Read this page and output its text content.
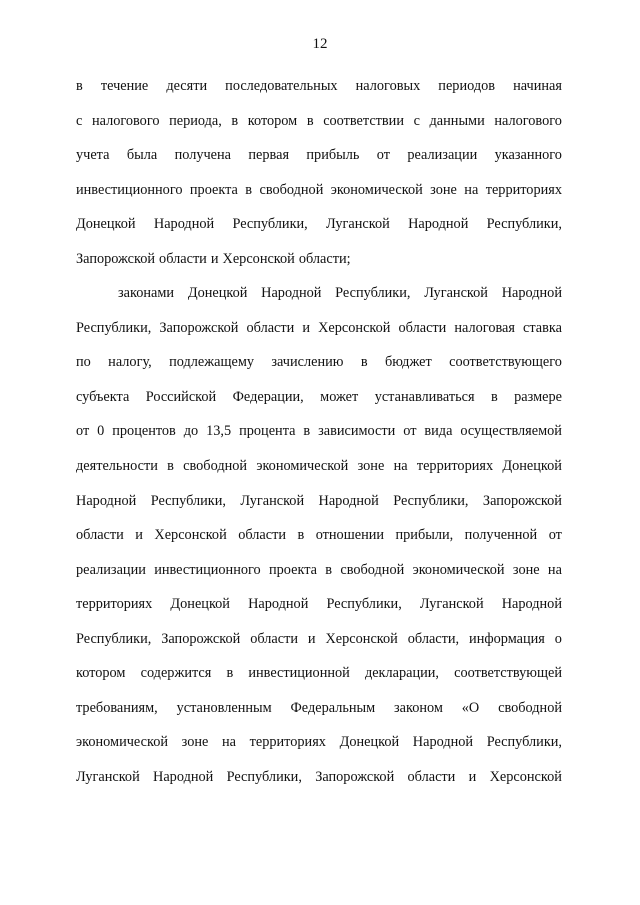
12
в течение десяти последовательных налоговых периодов начиная
с налогового периода, в котором в соответствии с данными налогового
учета была получена первая прибыль от реализации указанного
инвестиционного проекта в свободной экономической зоне на территориях
Донецкой Народной Республики, Луганской Народной Республики,
Запорожской области и Херсонской области;
законами Донецкой Народной Республики, Луганской Народной
Республики, Запорожской области и Херсонской области налоговая ставка
по налогу, подлежащему зачислению в бюджет соответствующего
субъекта Российской Федерации, может устанавливаться в размере
от 0 процентов до 13,5 процента в зависимости от вида осуществляемой
деятельности в свободной экономической зоне на территориях Донецкой
Народной Республики, Луганской Народной Республики, Запорожской
области и Херсонской области в отношении прибыли, полученной от
реализации инвестиционного проекта в свободной экономической зоне на
территориях Донецкой Народной Республики, Луганской Народной
Республики, Запорожской области и Херсонской области, информация о
котором содержится в инвестиционной декларации, соответствующей
требованиям, установленным Федеральным законом «О свободной
экономической зоне на территориях Донецкой Народной Республики,
Луганской Народной Республики, Запорожской области и Херсонской
